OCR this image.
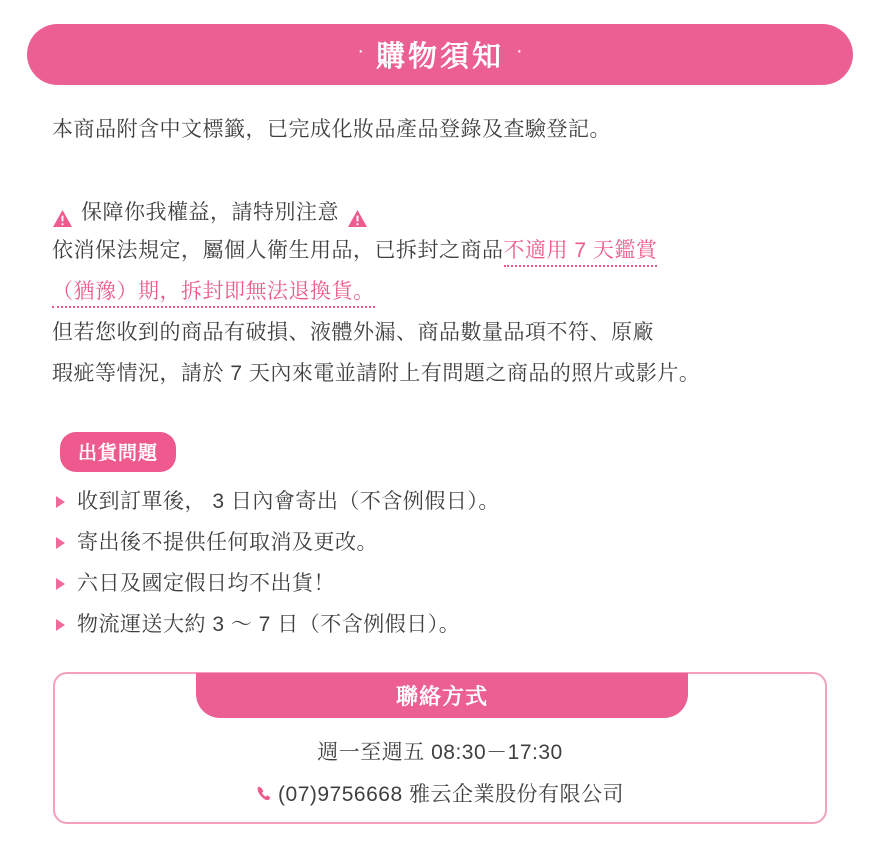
· 購物須知 ·
本商品附含中文標籤，已完成化妝品產品登錄及查驗登記。
保障你我權益，請特別注意
依消保法規定，屬個人衛生用品，已拆封之商品不適用 7 天鑑賞
（猶豫）期，拆封即無法退換貨。
但若您收到的商品有破損、液體外漏、商品數量品項不符、原廠
瑕疵等情況，請於 7 天內來電並請附上有問題之商品的照片或影片。
出貨問題
收到訂單後， 3 日內會寄出（不含例假日）。
寄出後不提供任何取消及更改。
六日及國定假日均不出貨！
物流運送大約 3 ～ 7 日（不含例假日）。
聯絡方式
週一至週五 08:30－17:30
(07)9756668 雅云企業股份有限公司
